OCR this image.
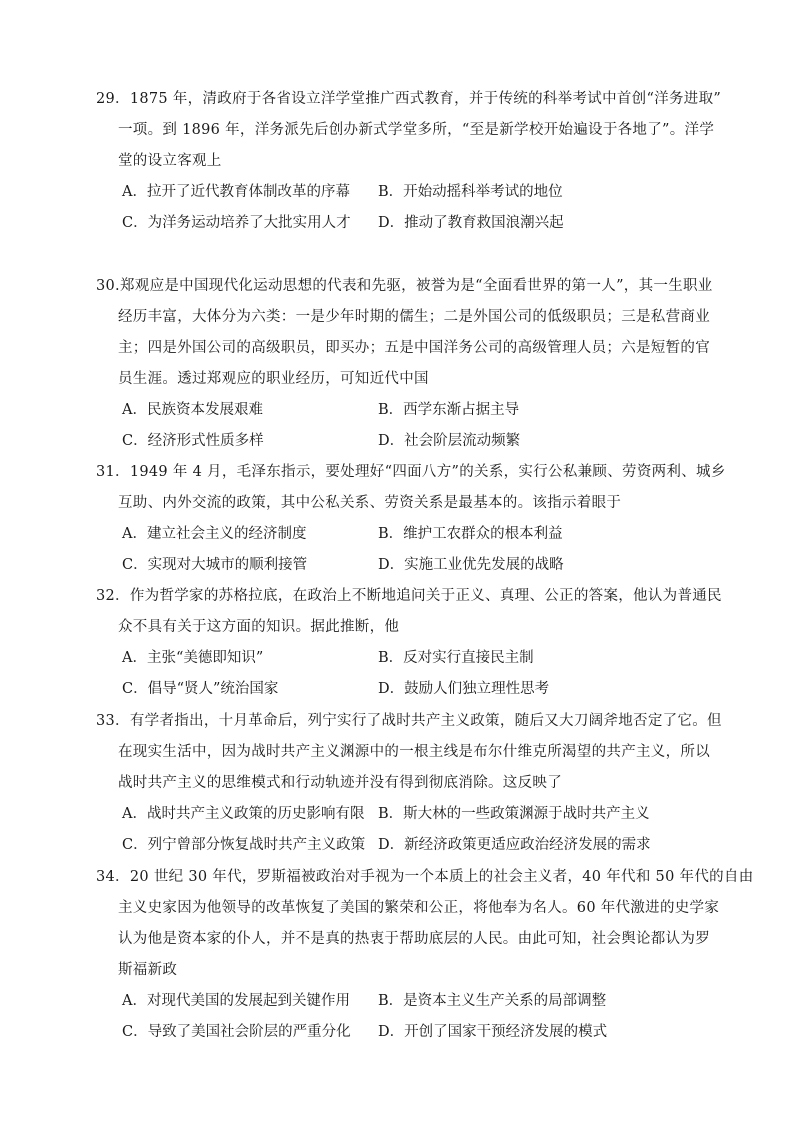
29．1875 年，清政府于各省设立洋学堂推广西式教育，并于传统的科举考试中首创“洋务进取”
一项。到 1896 年，洋务派先后创办新式学堂多所，“至是新学校开始遍设于各地了”。洋学
堂的设立客观上
A．拉开了近代教育体制改革的序幕 B．开始动摇科举考试的地位
C．为洋务运动培养了大批实用人才 D．推动了教育救国浪潮兴起
30.郑观应是中国现代化运动思想的代表和先驱，被誉为是“全面看世界的第一人”，其一生职业
经历丰富，大体分为六类：一是少年时期的儒生；二是外国公司的低级职员；三是私营商业
主；四是外国公司的高级职员，即买办；五是中国洋务公司的高级管理人员；六是短暂的官
员生涯。透过郑观应的职业经历，可知近代中国
A．民族资本发展艰难	B．西学东渐占据主导
C．经济形式性质多样	D．社会阶层流动频繁
31．1949 年 4 月，毛泽东指示，要处理好“四面八方”的关系，实行公私兼顾、劳资两利、城乡
互助、内外交流的政策，其中公私关系、劳资关系是最基本的。该指示着眼于
A．建立社会主义的经济制度	B．维护工农群众的根本利益
C．实现对大城市的顺利接管	D．实施工业优先发展的战略
32．作为哲学家的苏格拉底，在政治上不断地追问关于正义、真理、公正的答案，他认为普通民
众不具有关于这方面的知识。据此推断，他
A．主张“美德即知识”	B．反对实行直接民主制
C．倡导“贤人”统治国家	D．鼓励人们独立理性思考
33．有学者指出，十月革命后，列宁实行了战时共产主义政策，随后又大刀阔斧地否定了它。但
在现实生活中，因为战时共产主义渊源中的一根主线是布尔什维克所渴望的共产主义，所以
战时共产主义的思维模式和行动轨迹并没有得到彻底消除。这反映了
A．战时共产主义政策的历史影响有限 B．斯大林的一些政策渊源于战时共产主义
C．列宁曾部分恢复战时共产主义政策 D．新经济政策更适应政治经济发展的需求
34．20 世纪 30 年代，罗斯福被政治对手视为一个本质上的社会主义者，40 年代和 50 年代的自由
主义史家因为他领导的改革恢复了美国的繁荣和公正，将他奉为名人。60 年代激进的史学家
认为他是资本家的仆人，并不是真的热衷于帮助底层的人民。由此可知，社会舆论都认为罗
斯福新政
A．对现代美国的发展起到关键作用 B．是资本主义生产关系的局部调整
C．导致了美国社会阶层的严重分化 D．开创了国家干预经济发展的模式
